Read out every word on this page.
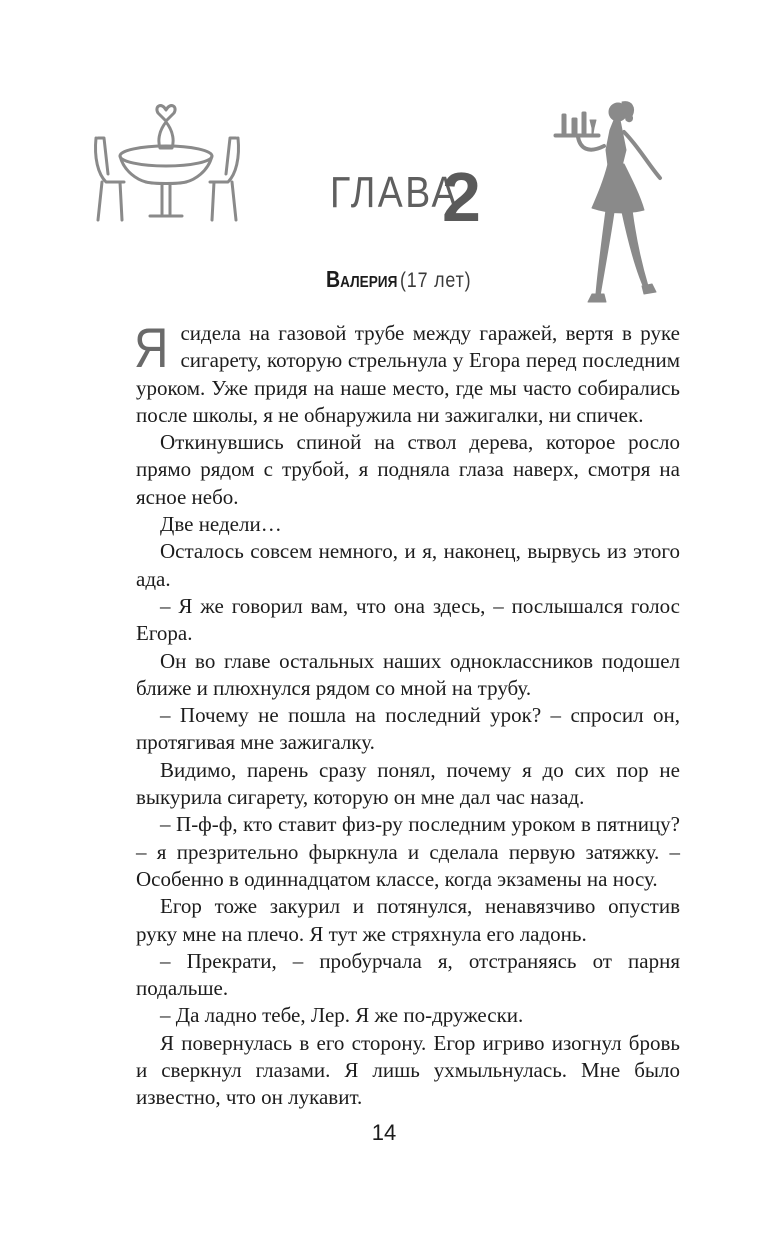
ГЛАВА
2
Валерия (17 лет)

Ясидела на газовой трубе между гаражей, вертя в руке сигарету, которую стрельнула у Егора перед последним уроком. Уже придя на наше место, где мы часто собирались после школы, я не обнаружила ни зажигалки, ни спичек.

Откинувшись спиной на ствол дерева, которое росло прямо рядом с трубой, я подняла глаза наверх, смотря на ясное небо.

Две недели…

Осталось совсем немного, и я, наконец, вырвусь из этого ада.

– Я же говорил вам, что она здесь, – послышался голос Егора.

Он во главе остальных наших одноклассников подошел ближе и плюхнулся рядом со мной на трубу.

– Почему не пошла на последний урок? – спросил он, протягивая мне зажигалку.

Видимо, парень сразу понял, почему я до сих пор не выкурила сигарету, которую он мне дал час назад.

– П-ф-ф, кто ставит физ-ру последним уроком в пятницу? – я презрительно фыркнула и сделала первую затяжку. – Особенно в одиннадцатом классе, когда экзамены на носу.

Егор тоже закурил и потянулся, ненавязчиво опустив руку мне на плечо. Я тут же стряхнула его ладонь.

– Прекрати, – пробурчала я, отстраняясь от парня подальше.

– Да ладно тебе, Лер. Я же по-дружески.

Я повернулась в его сторону. Егор игриво изогнул бровь и сверкнул глазами. Я лишь ухмыльнулась. Мне было известно, что он лукавит.

14
